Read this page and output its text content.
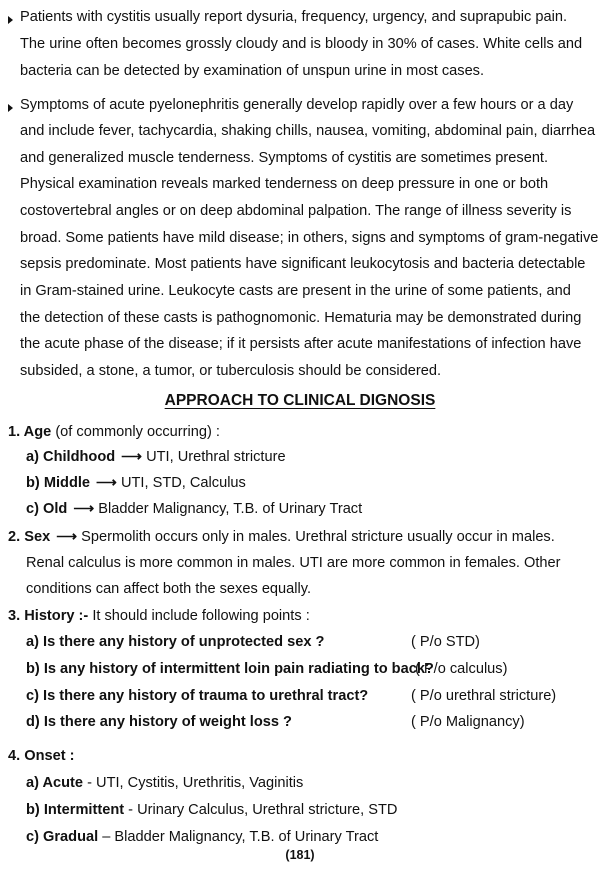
Patients with cystitis usually report dysuria, frequency, urgency, and suprapubic pain.
The urine often becomes grossly cloudy and is bloody in 30% of cases. White cells and
bacteria can be detected by examination of unspun urine in most cases.
Symptoms of acute pyelonephritis generally develop rapidly over a few hours or a day
and include fever, tachycardia, shaking chills, nausea, vomiting, abdominal pain, diarrhea
and generalized muscle tenderness. Symptoms of cystitis are sometimes present.
Physical examination reveals marked tenderness on deep pressure in one or both
costovertebral angles or on deep abdominal palpation. The range of illness severity is
broad. Some patients have mild disease; in others, signs and symptoms of gram-negative
sepsis predominate. Most patients have significant leukocytosis and bacteria detectable
in Gram-stained urine. Leukocyte casts are present in the urine of some patients, and
the detection of these casts is pathognomonic. Hematuria may be demonstrated during
the acute phase of the disease; if it persists after acute manifestations of infection have
subsided, a stone, a tumor, or tuberculosis should be considered.
APPROACH TO CLINICAL DIGNOSIS
1. Age (of commonly occurring) :
a) Childhood ⟶ UTI, Urethral stricture
b) Middle ⟶ UTI, STD, Calculus
c) Old ⟶ Bladder Malignancy, T.B. of Urinary Tract
2. Sex ⟶ Spermolith occurs only in males. Urethral stricture usually occur in males.
Renal calculus is more common in males. UTI are more common in females. Other
conditions can affect both the sexes equally.
3. History :- It should include following points :
a) Is there any history of unprotected sex ?	( P/o STD)
b) Is any history of intermittent loin pain radiating to back?
( P/o calculus)
c) Is there any history of trauma to urethral tract?	( P/o urethral stricture)
d) Is there any history of weight loss ?	( P/o Malignancy)
4. Onset :
a) Acute - UTI, Cystitis, Urethritis, Vaginitis
b) Intermittent - Urinary Calculus, Urethral stricture, STD
c) Gradual – Bladder Malignancy, T.B. of Urinary Tract
(181)
